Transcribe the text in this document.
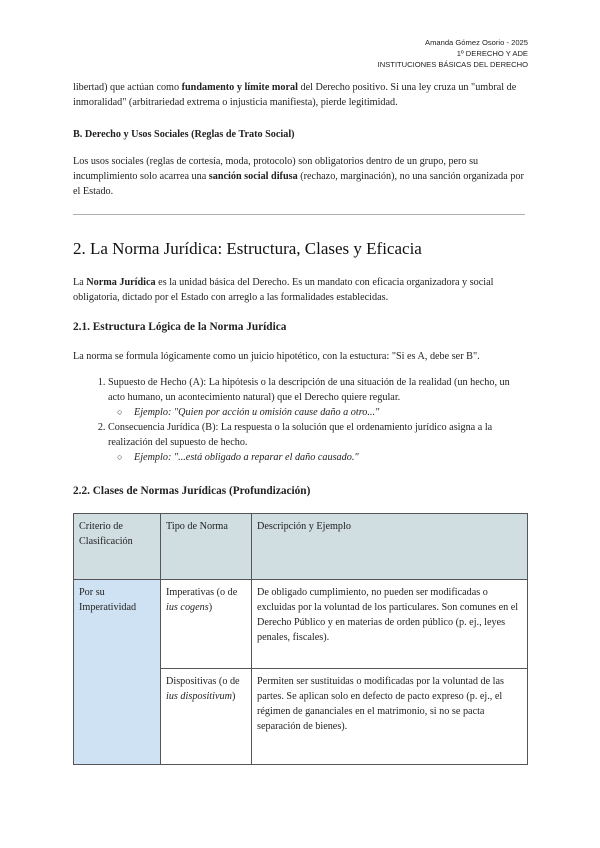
Amanda Gómez Osorio - 2025
1º DERECHO Y ADE
INSTITUCIONES BÁSICAS DEL DERECHO

libertad) que actúan como fundamento y límite moral del Derecho positivo. Si una ley cruza un "umbral de inmoralidad" (arbitrariedad extrema o injusticia manifiesta), pierde legitimidad.

B. Derecho y Usos Sociales (Reglas de Trato Social)

Los usos sociales (reglas de cortesía, moda, protocolo) son obligatorios dentro de un grupo, pero su incumplimiento solo acarrea una sanción social difusa (rechazo, marginación), no una sanción organizada por el Estado.

2. La Norma Jurídica: Estructura, Clases y Eficacia

La Norma Jurídica es la unidad básica del Derecho. Es un mandato con eficacia organizadora y social obligatoria, dictado por el Estado con arreglo a las formalidades establecidas.

2.1. Estructura Lógica de la Norma Jurídica

La norma se formula lógicamente como un juicio hipotético, con la estuctura: "Si es A, debe ser B".

1. Supuesto de Hecho (A): La hipótesis o la descripción de una situación de la realidad (un hecho, un acto humano, un acontecimiento natural) que el Derecho quiere regular.
○ Ejemplo: "Quien por acción u omisión cause daño a otro..."
2. Consecuencia Jurídica (B): La respuesta o la solución que el ordenamiento jurídico asigna a la realización del supuesto de hecho.
○ Ejemplo: "...está obligado a reparar el daño causado."
2.2. Clases de Normas Jurídicas (Profundización)
Criterio de Clasificación	Tipo de Norma	Descripción y Ejemplo
Por su Imperatividad	Imperativas (o de ius cogens)	De obligado cumplimiento, no pueden ser modificadas o excluidas por la voluntad de los particulares. Son comunes en el Derecho Público y en materias de orden público (p. ej., leyes penales, fiscales).
	Dispositivas (o de ius dispositivum)	Permiten ser sustituidas o modificadas por la voluntad de las partes. Se aplican solo en defecto de pacto expreso (p. ej., el régimen de gananciales en el matrimonio, si no se pacta separación de bienes).
